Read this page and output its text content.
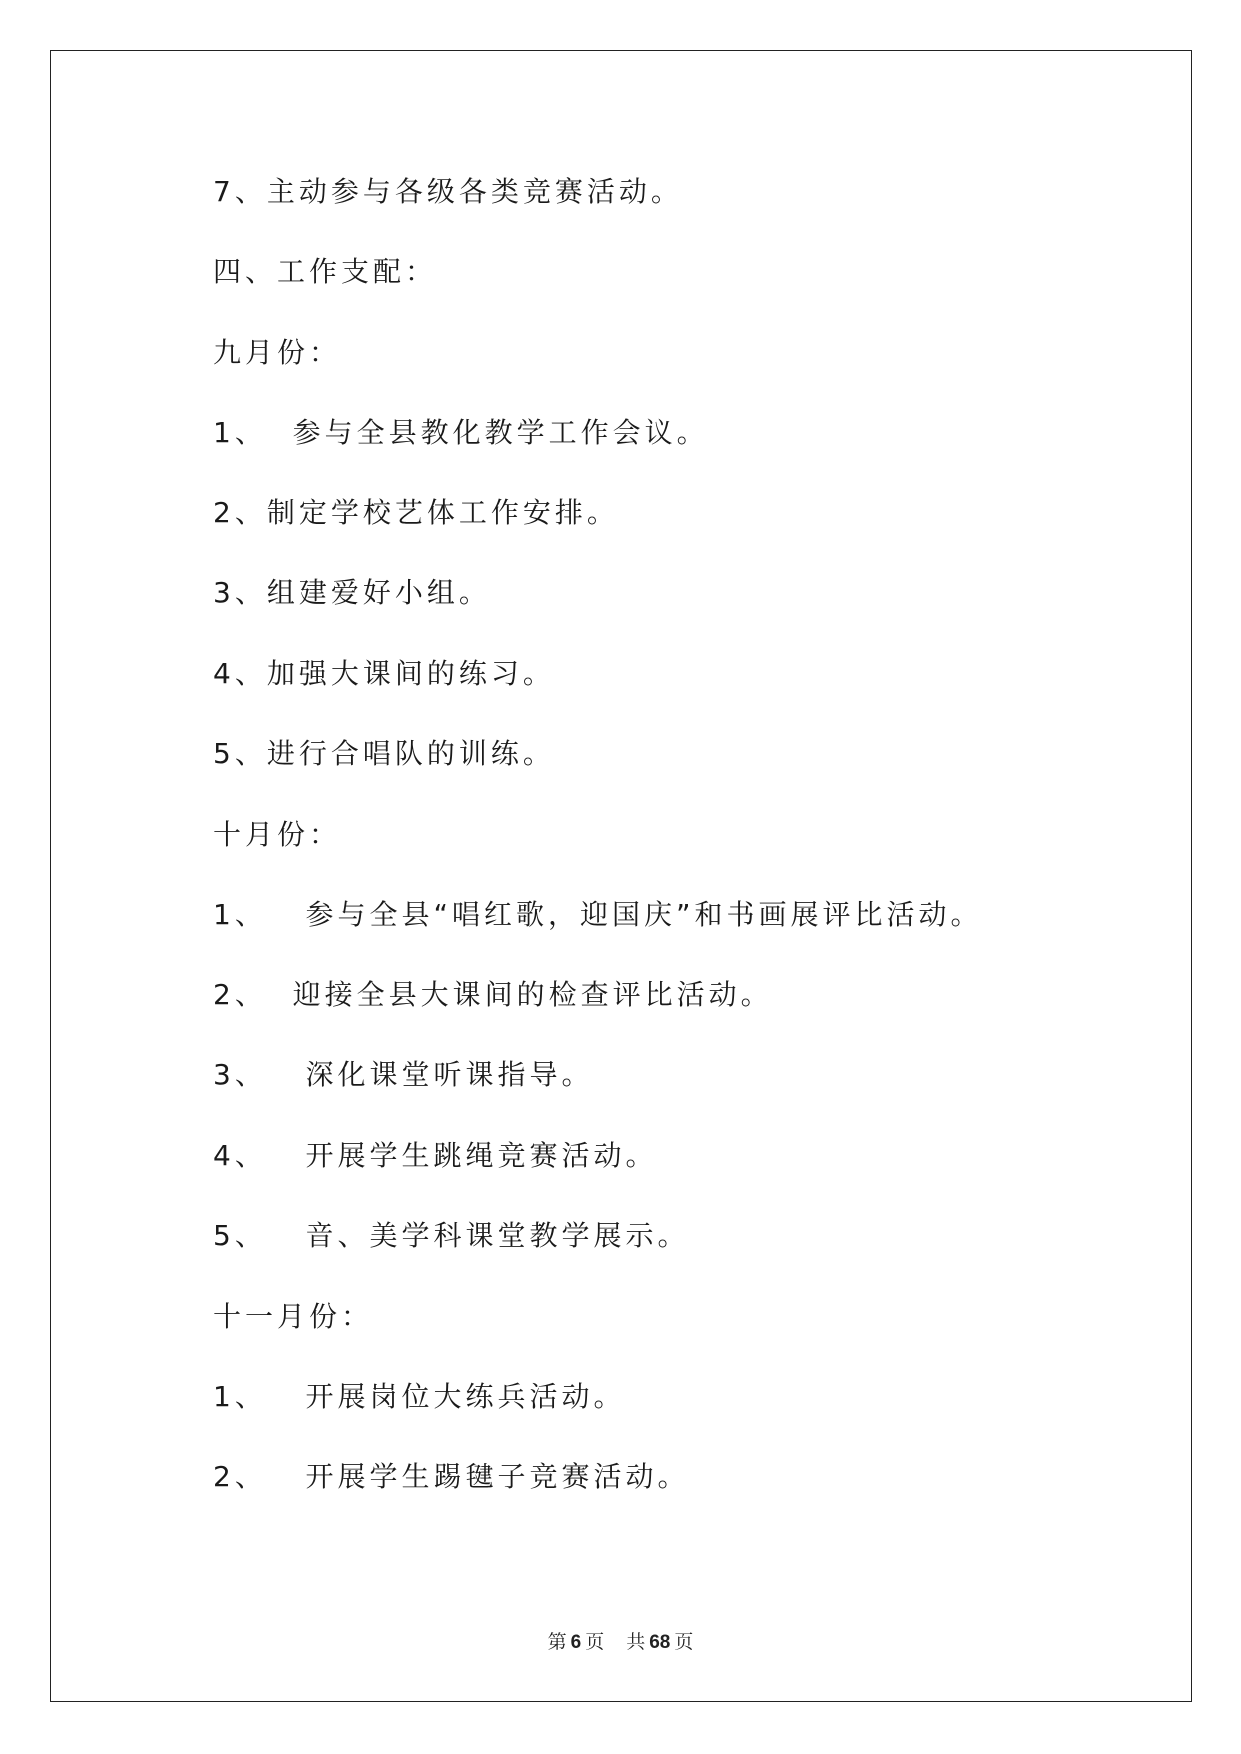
7、主动参与各级各类竞赛活动。
四、工作支配：
九月份：
1、  参与全县教化教学工作会议。
2、制定学校艺体工作安排。
3、组建爱好小组。
4、加强大课间的练习。
5、进行合唱队的训练。
十月份：
1、   参与全县“唱红歌，迎国庆”和书画展评比活动。
2、  迎接全县大课间的检查评比活动。
3、   深化课堂听课指导。
4、   开展学生跳绳竞赛活动。
5、   音、美学科课堂教学展示。
十一月份：
1、   开展岗位大练兵活动。
2、   开展学生踢毽子竞赛活动。
第 6 页 共 68 页
